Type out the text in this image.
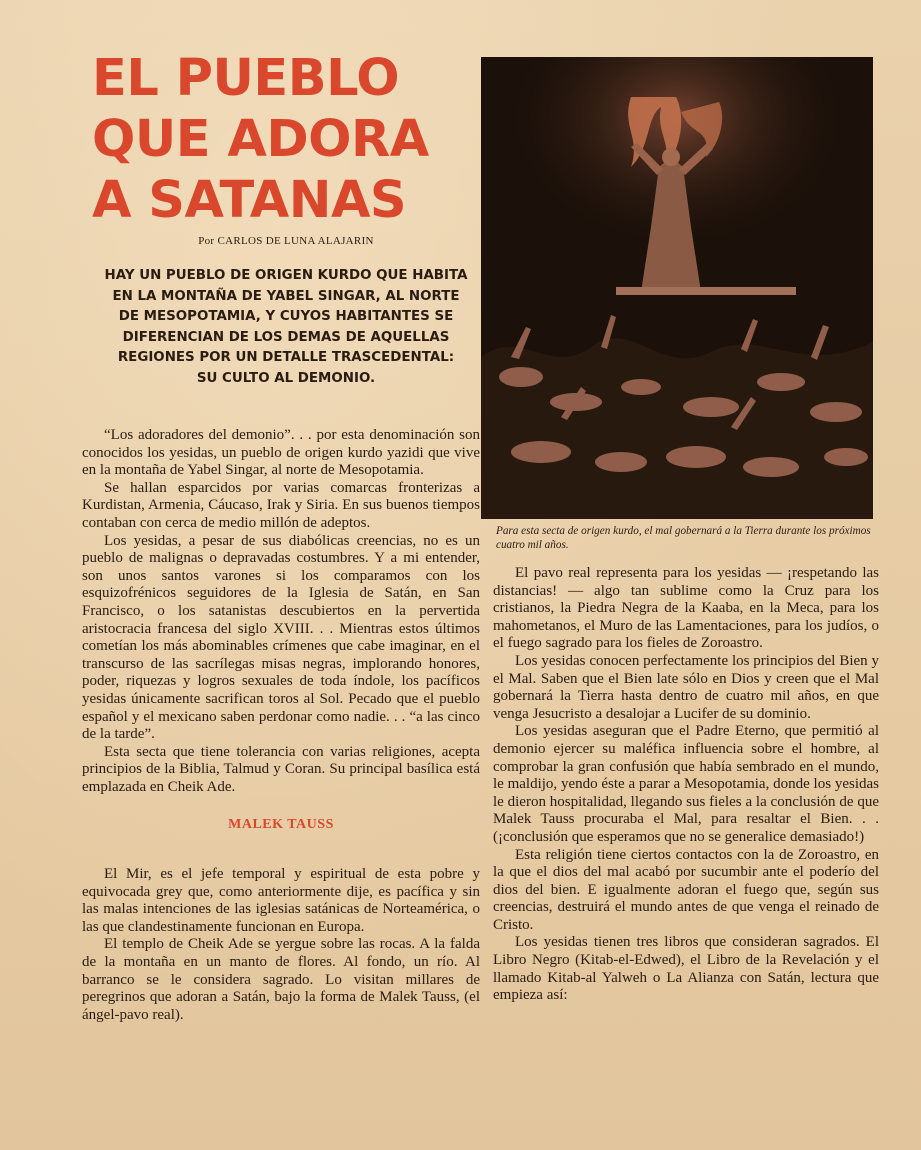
EL PUEBLO
QUE ADORA
A SATANAS
Por CARLOS DE LUNA ALAJARIN
HAY UN PUEBLO DE ORIGEN KURDO QUE HABITA
EN LA MONTAÑA DE YABEL SINGAR, AL NORTE
DE MESOPOTAMIA, Y CUYOS HABITANTES SE
DIFERENCIAN DE LOS DEMAS DE AQUELLAS
REGIONES POR UN DETALLE TRASCEDENTAL:
SU CULTO AL DEMONIO.

“Los adoradores del demonio”. . . por esta denominación son conocidos los yesidas, un pueblo de origen kurdo yazidi que vive en la montaña de Yabel Singar, al norte de Mesopotamia.

Se hallan esparcidos por varias comarcas fronterizas a Kurdistan, Armenia, Cáucaso, Irak y Siria. En sus buenos tiempos contaban con cerca de medio millón de adeptos.

Los yesidas, a pesar de sus diabólicas creencias, no es un pueblo de malignas o depravadas costumbres. Y a mi entender, son unos santos varones si los comparamos con los esquizofrénicos seguidores de la Iglesia de Satán, en San Francisco, o los satanistas descubiertos en la pervertida aristocracia francesa del siglo XVIII. . . Mientras estos últimos cometían los más abominables crímenes que cabe imaginar, en el transcurso de las sacrílegas misas negras, implorando honores, poder, riquezas y logros sexuales de toda índole, los pacíficos yesidas únicamente sacrifican toros al Sol. Pecado que el pueblo español y el mexicano saben perdonar como nadie. . . “a las cinco de la tarde”.

Esta secta que tiene tolerancia con varias religiones, acepta principios de la Biblia, Talmud y Coran. Su principal basílica está emplazada en Cheik Ade.

MALEK TAUSS

El Mir, es el jefe temporal y espiritual de esta pobre y equivocada grey que, como anteriormente dije, es pacífica y sin las malas intenciones de las iglesias satánicas de Norteamérica, o las que clandestinamente funcionan en Europa.

El templo de Cheik Ade se yergue sobre las rocas. A la falda de la montaña en un manto de flores. Al fondo, un río. Al barranco se le considera sagrado. Lo visitan millares de peregrinos que adoran a Satán, bajo la forma de Malek Tauss, (el ángel-pavo real).

Para esta secta de origen kurdo, el mal gobernará a la Tierra durante los próximos cuatro mil años.

El pavo real representa para los yesidas — ¡respetando las distancias! — algo tan sublime como la Cruz para los cristianos, la Piedra Negra de la Kaaba, en la Meca, para los mahometanos, el Muro de las Lamentaciones, para los judíos, o el fuego sagrado para los fieles de Zoroastro.

Los yesidas conocen perfectamente los principios del Bien y el Mal. Saben que el Bien late sólo en Dios y creen que el Mal gobernará la Tierra hasta dentro de cuatro mil años, en que venga Jesucristo a desalojar a Lucifer de su dominio.

Los yesidas aseguran que el Padre Eterno, que permitió al demonio ejercer su maléfica influencia sobre el hombre, al comprobar la gran confusión que había sembrado en el mundo, le maldijo, yendo éste a parar a Mesopotamia, donde los yesidas le dieron hospitalidad, llegando sus fieles a la conclusión de que Malek Tauss procuraba el Mal, para resaltar el Bien. . . (¡conclusión que esperamos que no se generalice demasiado!)

Esta religión tiene ciertos contactos con la de Zoroastro, en la que el dios del mal acabó por sucumbir ante el poderío del dios del bien. E igualmente adoran el fuego que, según sus creencias, destruirá el mundo antes de que venga el reinado de Cristo.

Los yesidas tienen tres libros que consideran sagrados. El Libro Negro (Kitab-el-Edwed), el Libro de la Revelación y el llamado Kitab-al Yalweh o La Alianza con Satán, lectura que empieza así:
